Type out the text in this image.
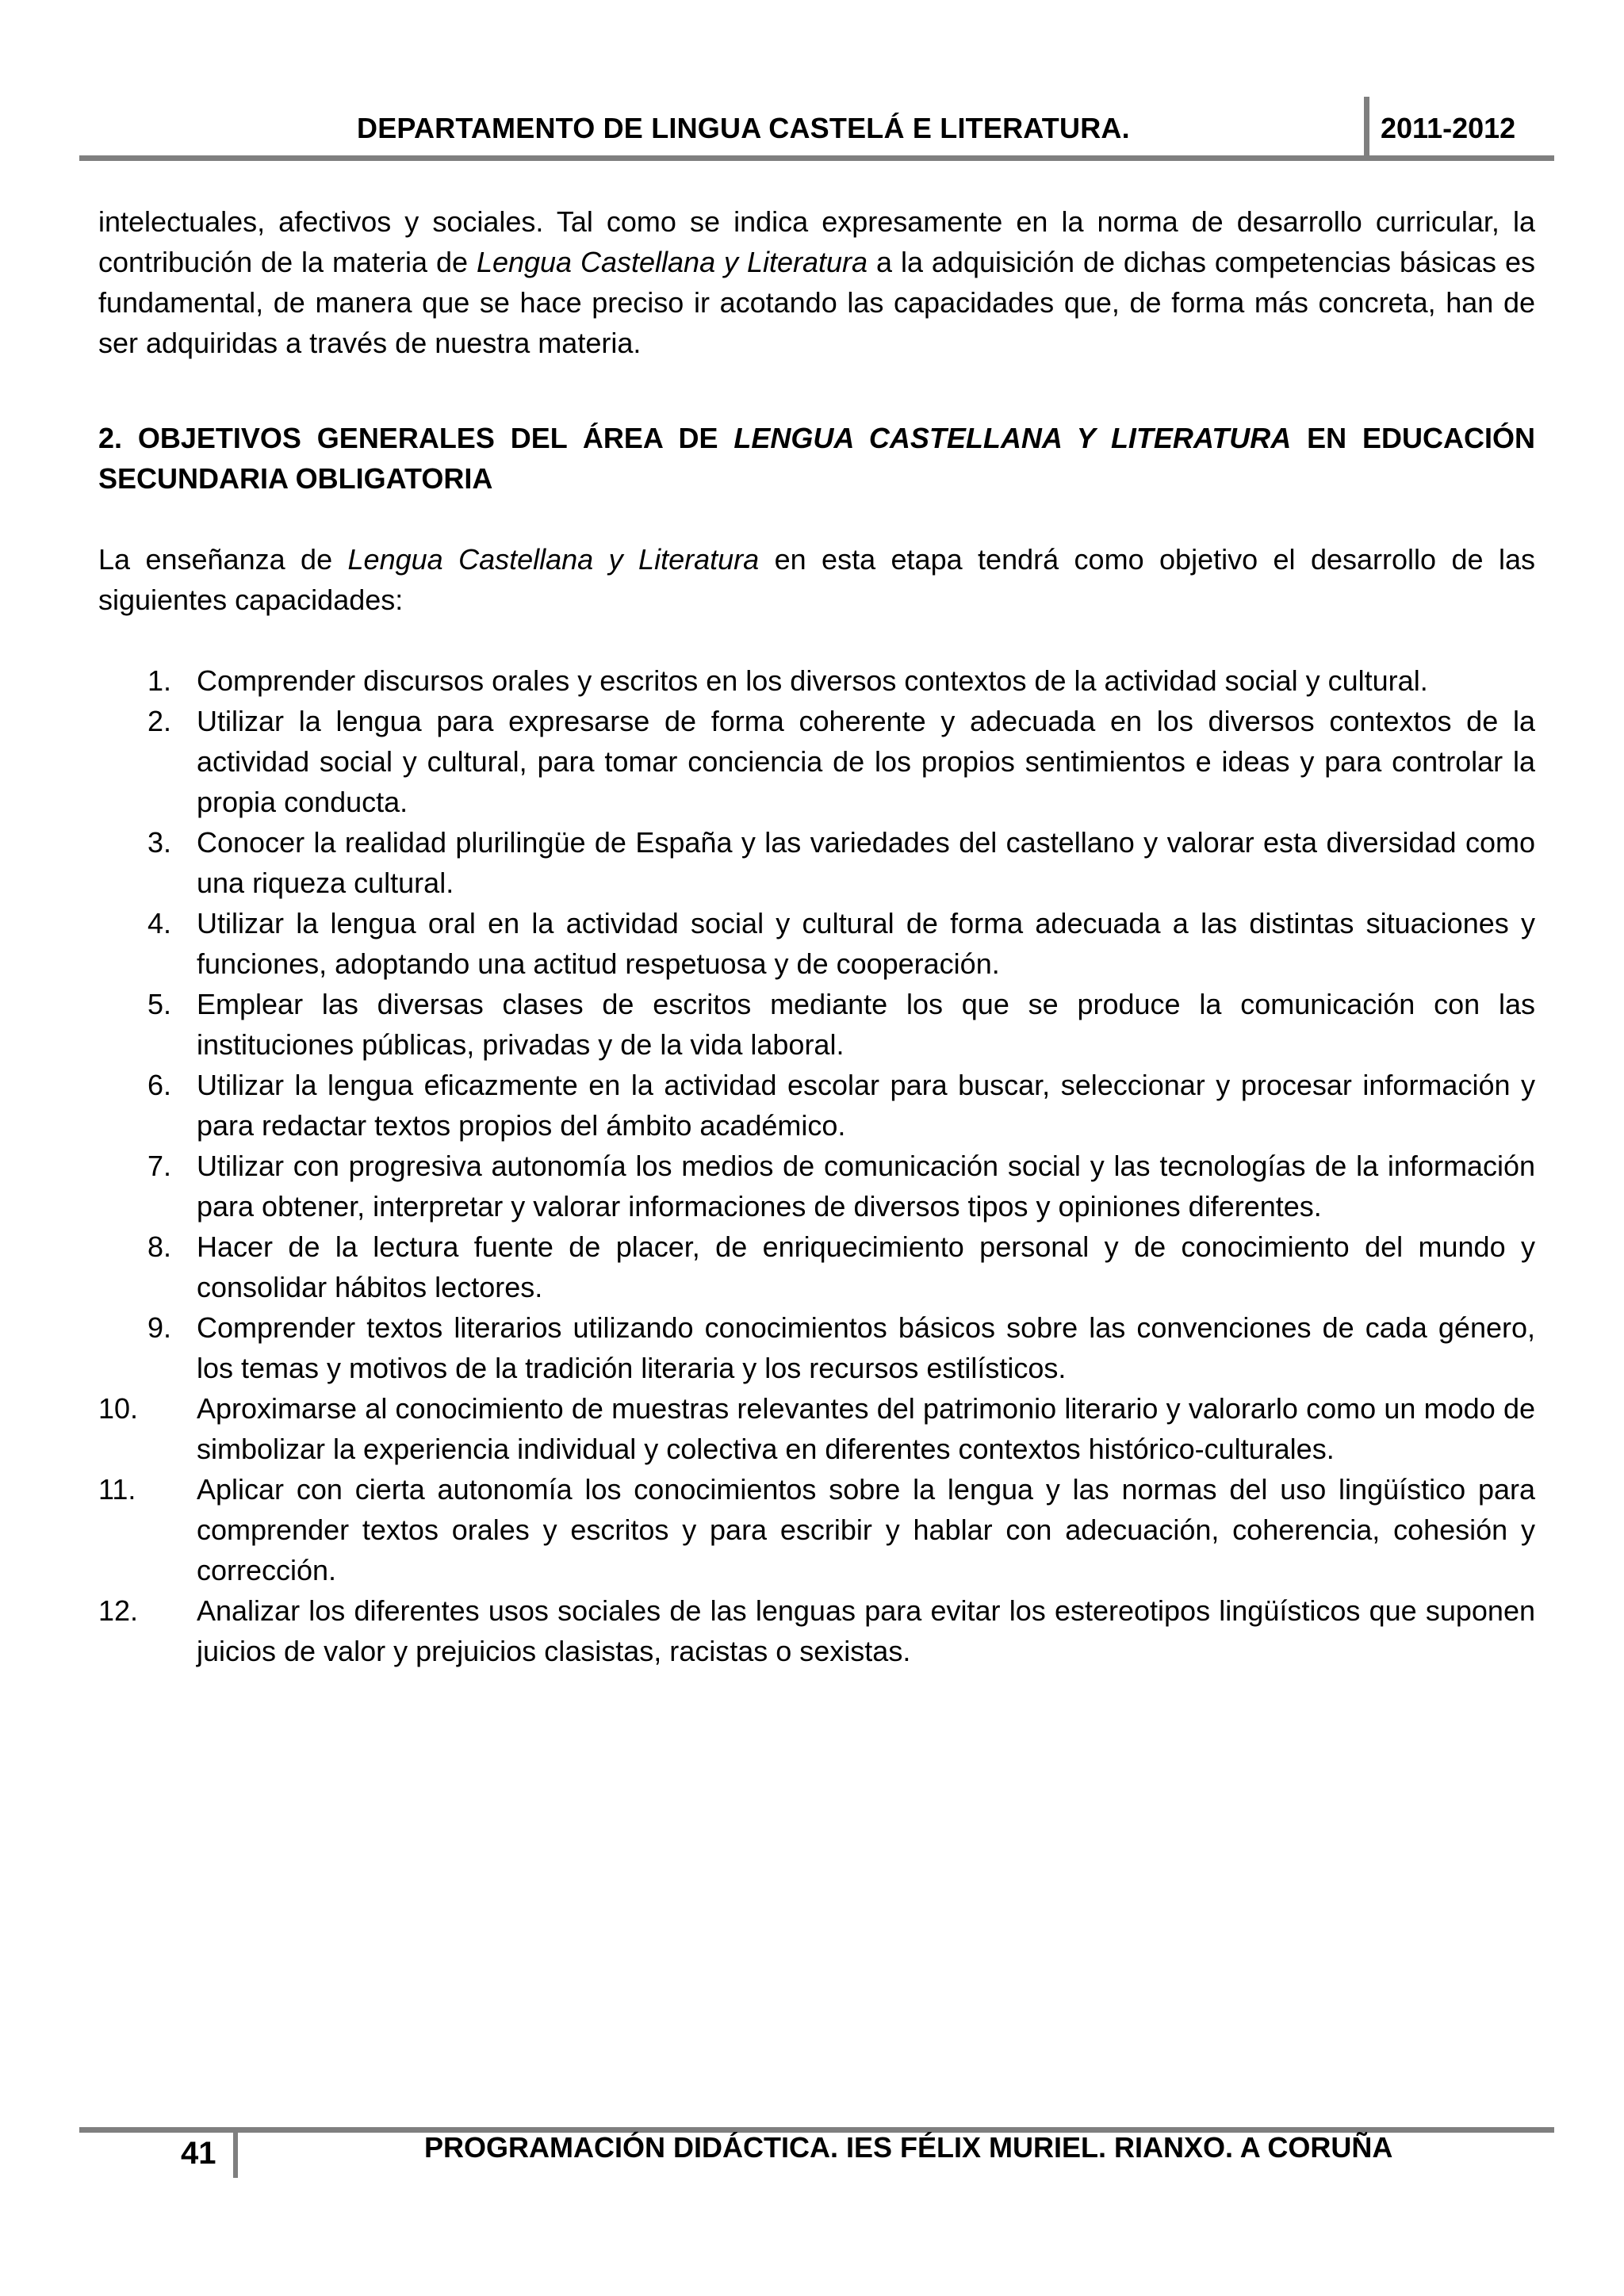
DEPARTAMENTO DE LINGUA CASTELÁ E LITERATURA.	2011-2012
intelectuales, afectivos y sociales. Tal como se indica expresamente en la norma de desarrollo curricular, la contribución de la materia de Lengua Castellana y Literatura a la adquisición de dichas competencias básicas es fundamental, de manera que se hace preciso ir acotando las capacidades que, de forma más concreta, han de ser adquiridas a través de nuestra materia.
2. OBJETIVOS GENERALES DEL ÁREA DE LENGUA CASTELLANA Y LITERATURA EN EDUCACIÓN SECUNDARIA OBLIGATORIA
La enseñanza de Lengua Castellana y Literatura en esta etapa tendrá como objetivo el desarrollo de las siguientes capacidades:
1. Comprender discursos orales y escritos en los diversos contextos de la actividad social y cultural.
2. Utilizar la lengua para expresarse de forma coherente y adecuada en los diversos contextos de la actividad social y cultural, para tomar conciencia de los propios sentimientos e ideas y para controlar la propia conducta.
3. Conocer la realidad plurilingüe de España y las variedades del castellano y valorar esta diversidad como una riqueza cultural.
4. Utilizar la lengua oral en la actividad social y cultural de forma adecuada a las distintas situaciones y funciones, adoptando una actitud respetuosa y de cooperación.
5. Emplear las diversas clases de escritos mediante los que se produce la comunicación con las instituciones públicas, privadas y de la vida laboral.
6. Utilizar la lengua eficazmente en la actividad escolar para buscar, seleccionar y procesar información y para redactar textos propios del ámbito académico.
7. Utilizar con progresiva autonomía los medios de comunicación social y las tecnologías de la información para obtener, interpretar y valorar informaciones de diversos tipos y opiniones diferentes.
8. Hacer de la lectura fuente de placer, de enriquecimiento personal y de conocimiento del mundo y consolidar hábitos lectores.
9. Comprender textos literarios utilizando conocimientos básicos sobre las convenciones de cada género, los temas y motivos de la tradición literaria y los recursos estilísticos.
10. Aproximarse al conocimiento de muestras relevantes del patrimonio literario y valorarlo como un modo de simbolizar la experiencia individual y colectiva en diferentes contextos histórico-culturales.
11. Aplicar con cierta autonomía los conocimientos sobre la lengua y las normas del uso lingüístico para comprender textos orales y escritos y para escribir y hablar con adecuación, coherencia, cohesión y corrección.
12. Analizar los diferentes usos sociales de las lenguas para evitar los estereotipos lingüísticos que suponen juicios de valor y prejuicios clasistas, racistas o sexistas.
41	PROGRAMACIÓN DIDÁCTICA. IES FÉLIX MURIEL. RIANXO. A CORUÑA
